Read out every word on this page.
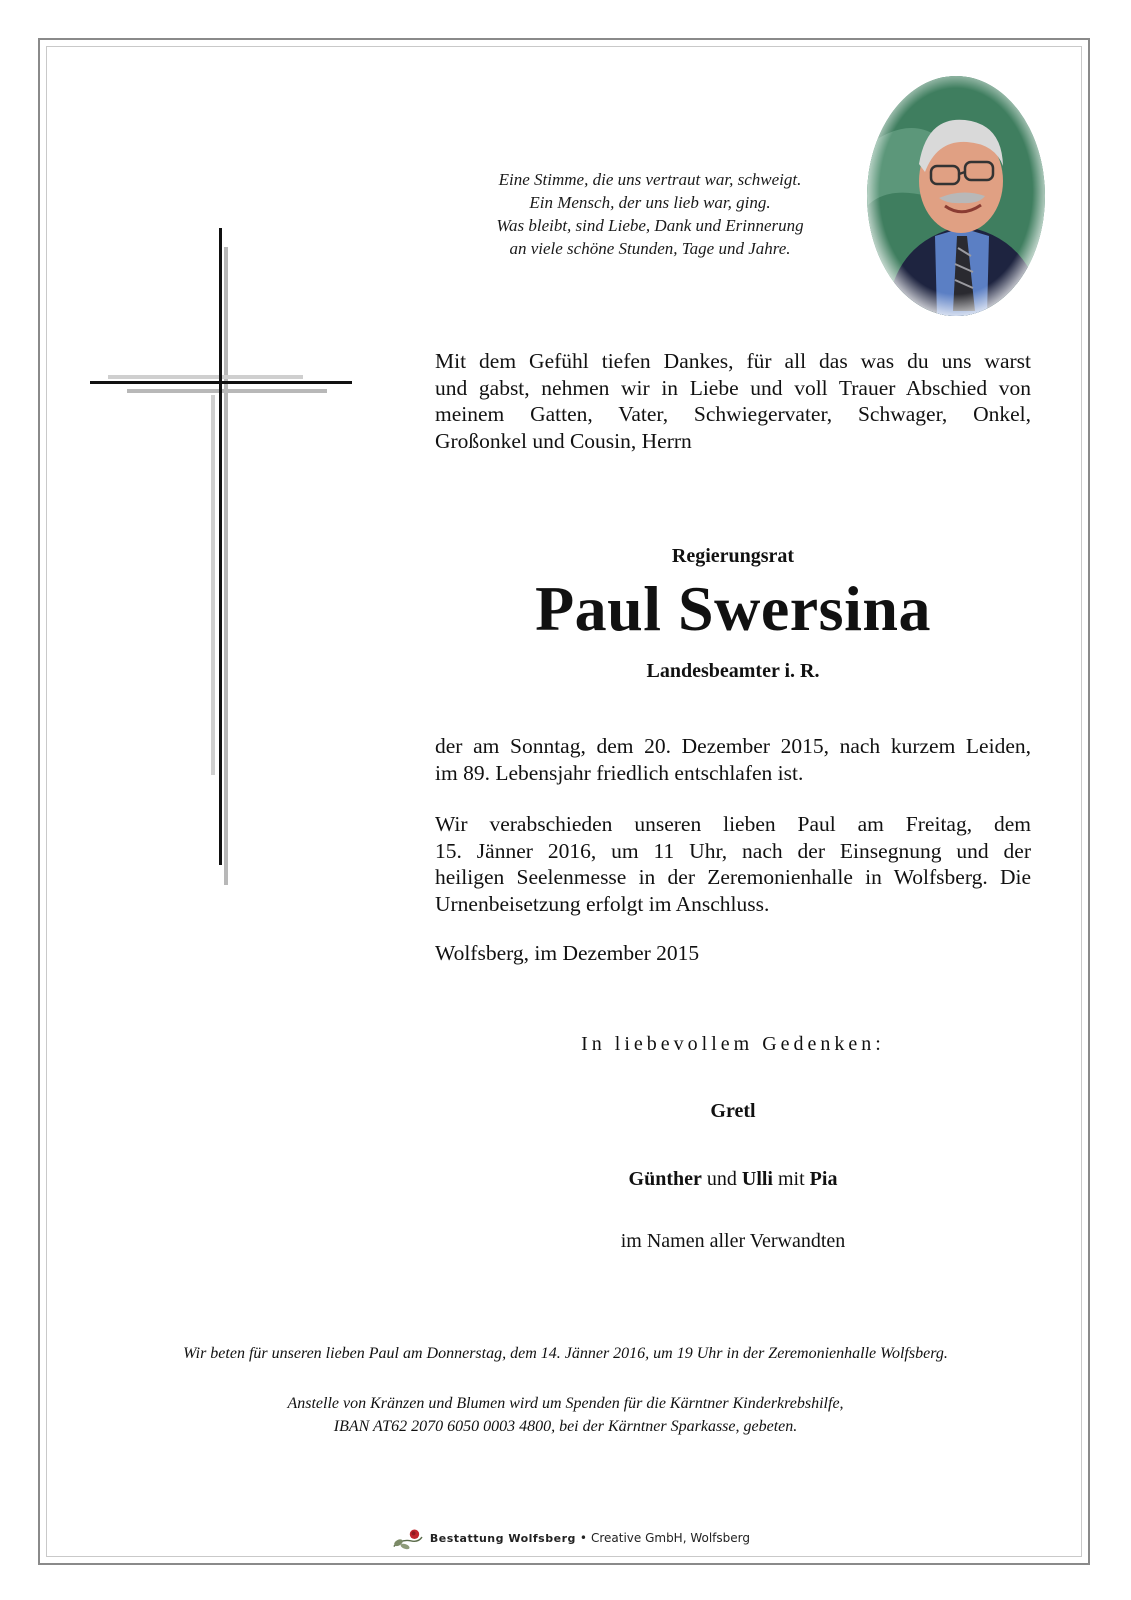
Eine Stimme, die uns vertraut war, schweigt.
Ein Mensch, der uns lieb war, ging.
Was bleibt, sind Liebe, Dank und Erinnerung
an viele schöne Stunden, Tage und Jahre.
Mit dem Gefühl tiefen Dankes, für all das was du uns warst
und gabst, nehmen wir in Liebe und voll Trauer Abschied von
meinem Gatten, Vater, Schwiegervater, Schwager, Onkel,
Großonkel und Cousin, Herrn
Regierungsrat
Paul Swersina
Landesbeamter i. R.
der am Sonntag, dem 20. Dezember 2015, nach kurzem Leiden,
im 89. Lebensjahr friedlich entschlafen ist.
Wir verabschieden unseren lieben Paul am Freitag, dem
15. Jänner 2016, um 11 Uhr, nach der Einsegnung und der
heiligen Seelenmesse in der Zeremonienhalle in Wolfsberg. Die
Urnenbeisetzung erfolgt im Anschluss.
Wolfsberg, im Dezember 2015
In liebevollem Gedenken:
Gretl
Günther und Ulli mit Pia
im Namen aller Verwandten
Wir beten für unseren lieben Paul am Donnerstag, dem 14. Jänner 2016, um 19 Uhr in der Zeremonienhalle Wolfsberg.
Anstelle von Kränzen und Blumen wird um Spenden für die Kärntner Kinderkrebshilfe,
IBAN AT62 2070 6050 0003 4800, bei der Kärntner Sparkasse, gebeten.
Bestattung Wolfsberg • Creative GmbH, Wolfsberg
